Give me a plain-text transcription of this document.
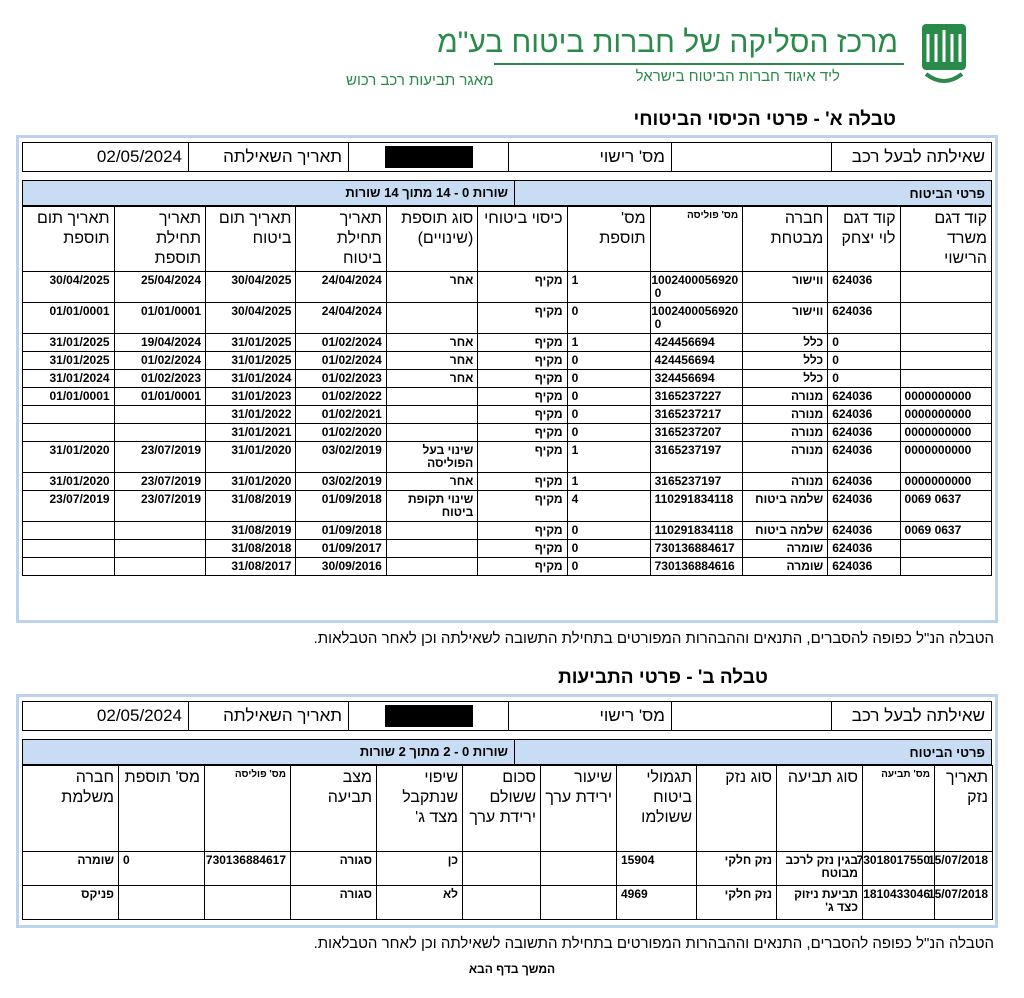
מרכז הסליקה של חברות ביטוח בע"מ
ליד איגוד חברות הביטוח בישראל
מאגר תביעות רכב רכוש
טבלה א' - פרטי הכיסוי הביטוחי
שאילתה לבעל רכב
מס' רישוי
תאריך השאילתה
02/05/2024
פרטי הביטוח
שורות 0 - 14 מתוך 14 שורות
קוד דגם משרד הרישוי	קוד דגם לוי יצחק	חברה מבטחת	מס' פוליסה	מס' תוספת	כיסוי ביטוחי	סוג תוספת (שינויים)	תאריך תחילת ביטוח	תאריך תום ביטוח	תאריך תחילת תוספת	תאריך תום תוספת
	624036	ווישור	1002400056920 0	1	מקיף	אחר	24/04/2024	30/04/2025	25/04/2024	30/04/2025
	624036	ווישור	1002400056920 0	0	מקיף		24/04/2024	30/04/2025	01/01/0001	01/01/0001
	0	כלל	424456694	1	מקיף	אחר	01/02/2024	31/01/2025	19/04/2024	31/01/2025
	0	כלל	424456694	0	מקיף	אחר	01/02/2024	31/01/2025	01/02/2024	31/01/2025
	0	כלל	324456694	0	מקיף	אחר	01/02/2023	31/01/2024	01/02/2023	31/01/2024
0000000000	624036	מנורה	3165237227	0	מקיף		01/02/2022	31/01/2023	01/01/0001	01/01/0001
0000000000	624036	מנורה	3165237217	0	מקיף		01/02/2021	31/01/2022		
0000000000	624036	מנורה	3165237207	0	מקיף		01/02/2020	31/01/2021		
0000000000	624036	מנורה	3165237197	1	מקיף	שינוי בעל הפוליסה	03/02/2019	31/01/2020	23/07/2019	31/01/2020
0000000000	624036	מנורה	3165237197	1	מקיף	אחר	03/02/2019	31/01/2020	23/07/2019	31/01/2020
0637 0069	624036	שלמה ביטוח	110291834118	4	מקיף	שינוי תקופת ביטוח	01/09/2018	31/08/2019	23/07/2019	23/07/2019
0637 0069	624036	שלמה ביטוח	110291834118	0	מקיף		01/09/2018	31/08/2019		
	624036	שומרה	730136884617	0	מקיף		01/09/2017	31/08/2018		
	624036	שומרה	730136884616	0	מקיף		30/09/2016	31/08/2017		
הטבלה הנ"ל כפופה להסברים, התנאים וההבהרות המפורטים בתחילת התשובה לשאילתה וכן לאחר הטבלאות.
טבלה ב' - פרטי התביעות
שאילתה לבעל רכב
מס' רישוי
תאריך השאילתה
02/05/2024
פרטי הביטוח
שורות 0 - 2 מתוך 2 שורות
תאריך נזק	מס' תביעה	סוג תביעה	סוג נזק	תגמולי ביטוח ששולמו	שיעור ירידת ערך	סכום ששולם ירידת ערך	שיפוי שנתקבל מצד ג'	מצב תביעה	מס' פוליסה	מס' תוספת	חברה משלמת
15/07/2018	73018017550	בגין נזק לרכב מבוטח	נזק חלקי	15904			כן	סגורה	730136884617	0	שומרה
15/07/2018	1810433046	תביעת ניזוק כצד ג'	נזק חלקי	4969			לא	סגורה			פניקס
הטבלה הנ"ל כפופה להסברים, התנאים וההבהרות המפורטים בתחילת התשובה לשאילתה וכן לאחר הטבלאות.
המשך בדף הבא
